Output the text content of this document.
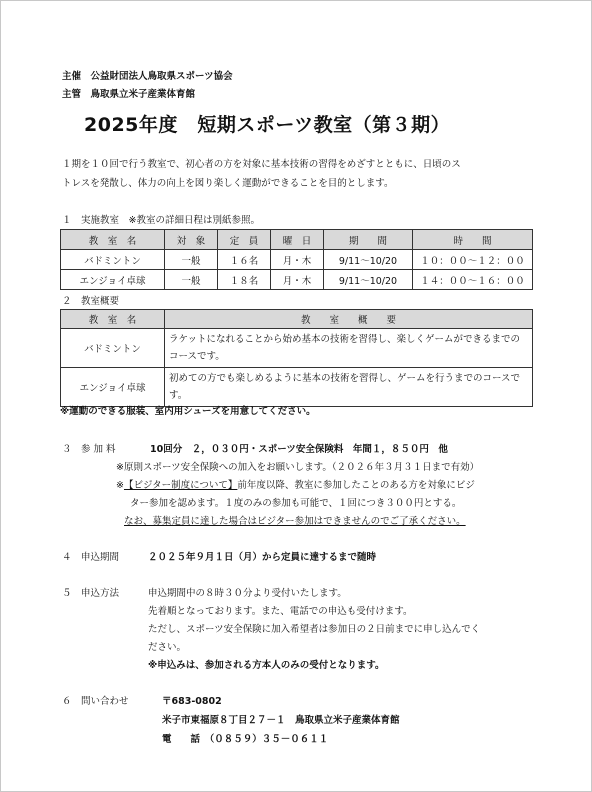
主催　公益財団法人鳥取県スポーツ協会
主管　鳥取県立米子産業体育館
2025年度　短期スポーツ教室（第３期）
１期を１０回で行う教室で、初心者の方を対象に基本技術の習得をめざすとともに、日頃のス
トレスを発散し、体力の向上を図り楽しく運動ができることを目的とします。
１　実施教室　※教室の詳細日程は別紙参照。
教　室　名	対　象	定　員	曜　日	期　　間	時　　間
バドミントン	一般	１６名	月・木	9/11～10/20	１０：００～１２：００
エンジョイ卓球	一般	１８名	月・木	9/11～10/20	１４：００～１６：００
２　教室概要
教　室　名	教　　室　　概　　要
バドミントン	ラケットになれることから始め基本の技術を習得し、楽しくゲームができるまでのコースです。
エンジョイ卓球	初めての方でも楽しめるように基本の技術を習得し、ゲームを行うまでのコースです。
※運動のできる服装、室内用シューズを用意してください。
３　参 加 料	10回分　２，０３０円・スポーツ安全保険料　年間１，８５０円　他
※原則スポーツ安全保険への加入をお願いします。（２０２６年３月３１日まで有効）
※【ビジター制度について】前年度以降、教室に参加したことのある方を対象にビジ
ター参加を認めます。１度のみの参加も可能で、１回につき３００円とする。
なお、募集定員に達した場合はビジター参加はできませんのでご了承ください。
４　申込期間	２０２５年９月１日（月）から定員に達するまで随時
５　申込方法	申込期間中の８時３０分より受付いたします。
先着順となっております。また、電話での申込も受付けます。
ただし、スポーツ安全保険に加入希望者は参加日の２日前までに申し込んでく
ださい。
※申込みは、参加される方本人のみの受付となります。
６　問い合わせ	〒683-0802
米子市東福原８丁目２７－１　鳥取県立米子産業体育館
電　　話　（０８５９）３５－０６１１
